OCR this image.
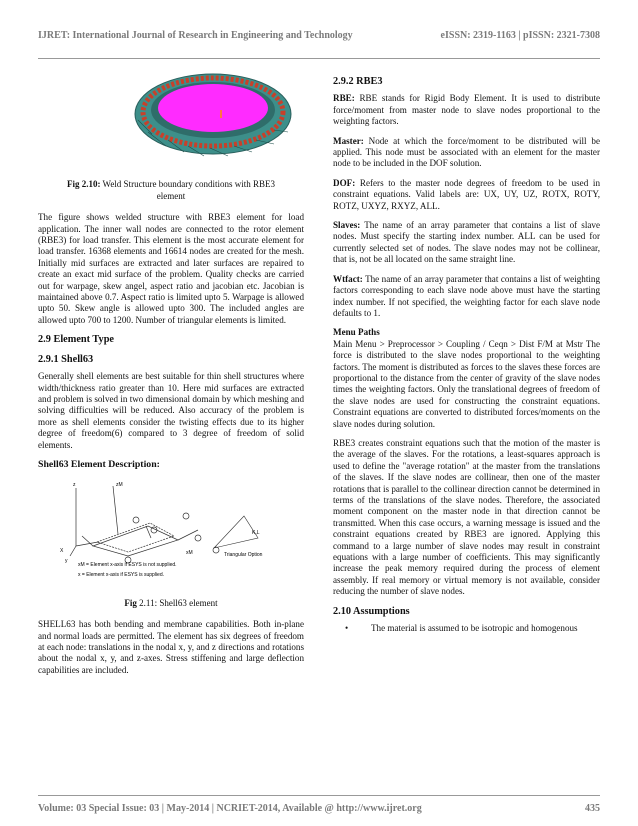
IJRET: International Journal of Research in Engineering and Technology	eISSN: 2319-1163 | pISSN: 2321-7308
Fig 2.10: Weld Structure boundary conditions with RBE3 element

The figure shows welded structure with RBE3 element for load application. The inner wall nodes are connected to the rotor element (RBE3) for load transfer. This element is the most accurate element for load transfer. 16368 elements and 16614 nodes are created for the mesh. Initially mid surfaces are extracted and later surfaces are repaired to create an exact mid surface of the problem. Quality checks are carried out for warpage, skew angel, aspect ratio and jacobian etc. Jacobian is maintained above 0.7. Aspect ratio is limited upto 5. Warpage is allowed upto 50. Skew angle is allowed upto 300. The included angles are allowed upto 700 to 1200. Number of triangular elements is limited.

2.9 Element Type
2.9.1 Shell63

Generally shell elements are best suitable for thin shell structures where width/thickness ratio greater than 10. Here mid surfaces are extracted and problem is solved in two dimensional domain by which meshing and solving difficulties will be reduced. Also accuracy of the problem is more as shell elements consider the twisting effects due to its higher degree of freedom(6) compared to 3 degree of freedom of solid elements.

Shell63 Element Description:
zM
z
y
X	xM
K,L
Triangular Option
xM = Element x-axis if ESYS is not supplied.
x = Element x-axis if ESYS is supplied.
Fig 2.11: Shell63 element

SHELL63 has both bending and membrane capabilities. Both in-plane and normal loads are permitted. The element has six degrees of freedom at each node: translations in the nodal x, y, and z directions and rotations about the nodal x, y, and z-axes. Stress stiffening and large deflection capabilities are included.

2.9.2 RBE3

RBE: RBE stands for Rigid Body Element. It is used to distribute force/moment from master node to slave nodes proportional to the weighting factors.

Master: Node at which the force/moment to be distributed will be applied. This node must be associated with an element for the master node to be included in the DOF solution.

DOF: Refers to the master node degrees of freedom to be used in constraint equations. Valid labels are: UX, UY, UZ, ROTX, ROTY, ROTZ, UXYZ, RXYZ, ALL.

Slaves: The name of an array parameter that contains a list of slave nodes. Must specify the starting index number. ALL can be used for currently selected set of nodes. The slave nodes may not be collinear, that is, not be all located on the same straight line.

Wtfact: The name of an array parameter that contains a list of weighting factors corresponding to each slave node above must have the starting index number. If not specified, the weighting factor for each slave node defaults to 1.

Menu Paths

Main Menu > Preprocessor > Coupling / Ceqn > Dist F/M at Mstr The force is distributed to the slave nodes proportional to the weighting factors. The moment is distributed as forces to the slaves these forces are proportional to the distance from the center of gravity of the slave nodes times the weighting factors. Only the translational degrees of freedom of the slave nodes are used for constructing the constraint equations. Constraint equations are converted to distributed forces/moments on the slave nodes during solution.

RBE3 creates constraint equations such that the motion of the master is the average of the slaves. For the rotations, a least-squares approach is used to define the "average rotation" at the master from the translations of the slaves. If the slave nodes are collinear, then one of the master rotations that is parallel to the collinear direction cannot be determined in terms of the translations of the slave nodes. Therefore, the associated moment component on the master node in that direction cannot be transmitted. When this case occurs, a warning message is issued and the constraint equations created by RBE3 are ignored. Applying this command to a large number of slave nodes may result in constraint equations with a large number of coefficients. This may significantly increase the peak memory required during the process of element assembly. If real memory or virtual memory is not available, consider reducing the number of slave nodes.

2.10 Assumptions
•	The material is assumed to be isotropic and homogenous
Volume: 03 Special Issue: 03 | May-2014 | NCRIET-2014, Available @ http://www.ijret.org	435
